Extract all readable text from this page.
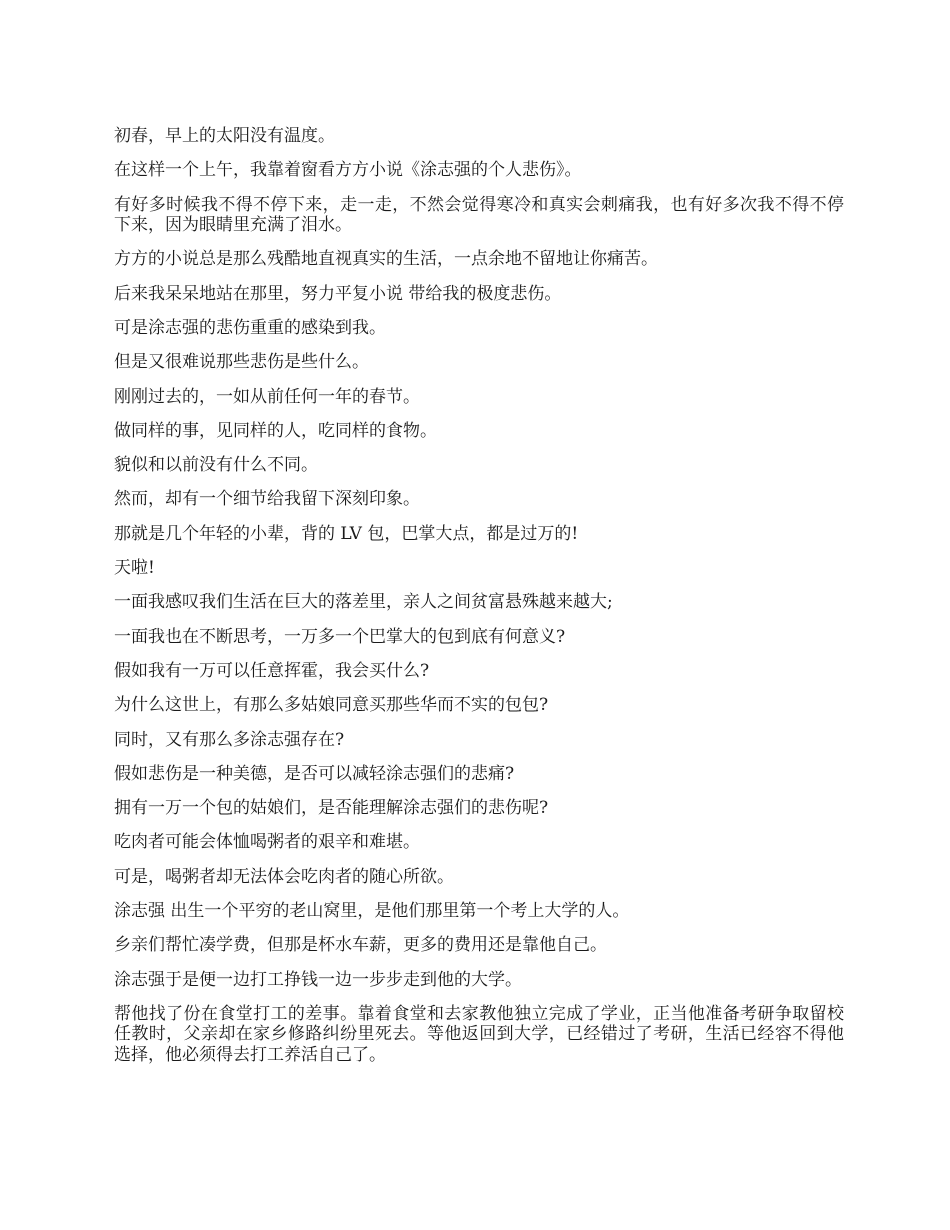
初春，早上的太阳没有温度。

在这样一个上午，我靠着窗看方方小说《涂志强的个人悲伤》。

有好多时候我不得不停下来，走一走，不然会觉得寒冷和真实会刺痛我，也有好多次我不得不停下来，因为眼睛里充满了泪水。

方方的小说总是那么残酷地直视真实的生活，一点余地不留地让你痛苦。

后来我呆呆地站在那里，努力平复小说 带给我的极度悲伤。

可是涂志强的悲伤重重的感染到我。

但是又很难说那些悲伤是些什么。

刚刚过去的，一如从前任何一年的春节。

做同样的事，见同样的人，吃同样的食物。

貌似和以前没有什么不同。

然而，却有一个细节给我留下深刻印象。

那就是几个年轻的小辈，背的 LV 包，巴掌大点，都是过万的!

天啦!

一面我感叹我们生活在巨大的落差里，亲人之间贫富悬殊越来越大;

一面我也在不断思考，一万多一个巴掌大的包到底有何意义?

假如我有一万可以任意挥霍，我会买什么?

为什么这世上，有那么多姑娘同意买那些华而不实的包包?

同时，又有那么多涂志强存在?

假如悲伤是一种美德，是否可以减轻涂志强们的悲痛?

拥有一万一个包的姑娘们，是否能理解涂志强们的悲伤呢?

吃肉者可能会体恤喝粥者的艰辛和难堪。

可是，喝粥者却无法体会吃肉者的随心所欲。

涂志强 出生一个平穷的老山窝里，是他们那里第一个考上大学的人。

乡亲们帮忙凑学费，但那是杯水车薪，更多的费用还是靠他自己。

涂志强于是便一边打工挣钱一边一步步走到他的大学。

帮他找了份在食堂打工的差事。靠着食堂和去家教他独立完成了学业，正当他准备考研争取留校任教时，父亲却在家乡修路纠纷里死去。等他返回到大学，已经错过了考研，生活已经容不得他选择，他必须得去打工养活自己了。
